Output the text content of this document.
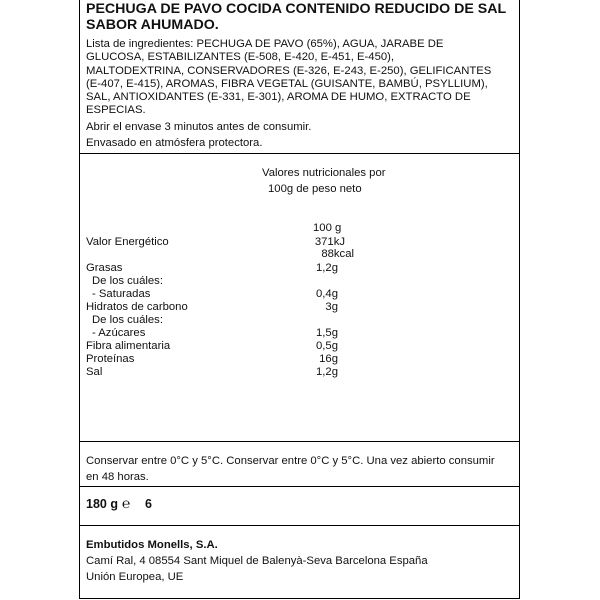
PECHUGA DE PAVO COCIDA CONTENIDO REDUCIDO DE SAL SABOR AHUMADO.
Lista de ingredientes: PECHUGA DE PAVO (65%), AGUA, JARABE DE
GLUCOSA, ESTABILIZANTES (E-508, E-420, E-451, E-450),
MALTODEXTRINA, CONSERVADORES (E-326, E-243, E-250), GELIFICANTES
(E-407, E-415), AROMAS, FIBRA VEGETAL (GUISANTE, BAMBÚ, PSYLLIUM),
SAL, ANTIOXIDANTES (E-331, E-301), AROMA DE HUMO, EXTRACTO DE
ESPECIAS.
Abrir el envase 3 minutos antes de consumir.
Envasado en atmósfera protectora.
Valores nutricionales por
100g de peso neto
100 g
Valor Energético	371kJ
88kcal
Grasas	1,2g
De los cuáles:
- Saturadas	0,4g
Hidratos de carbono	3g
De los cuáles:
- Azúcares	1,5g
Fibra alimentaria	0,5g
Proteínas	16g
Sal	1,2g
Conservar entre 0°C y 5°C. Conservar entre 0°C y 5°C. Una vez abierto consumir
en 48 horas.
180 g ℮ 6
Embutidos Monells, S.A.
Camí Ral, 4 08554 Sant Miquel de Balenyà-Seva Barcelona España
Unión Europea, UE
